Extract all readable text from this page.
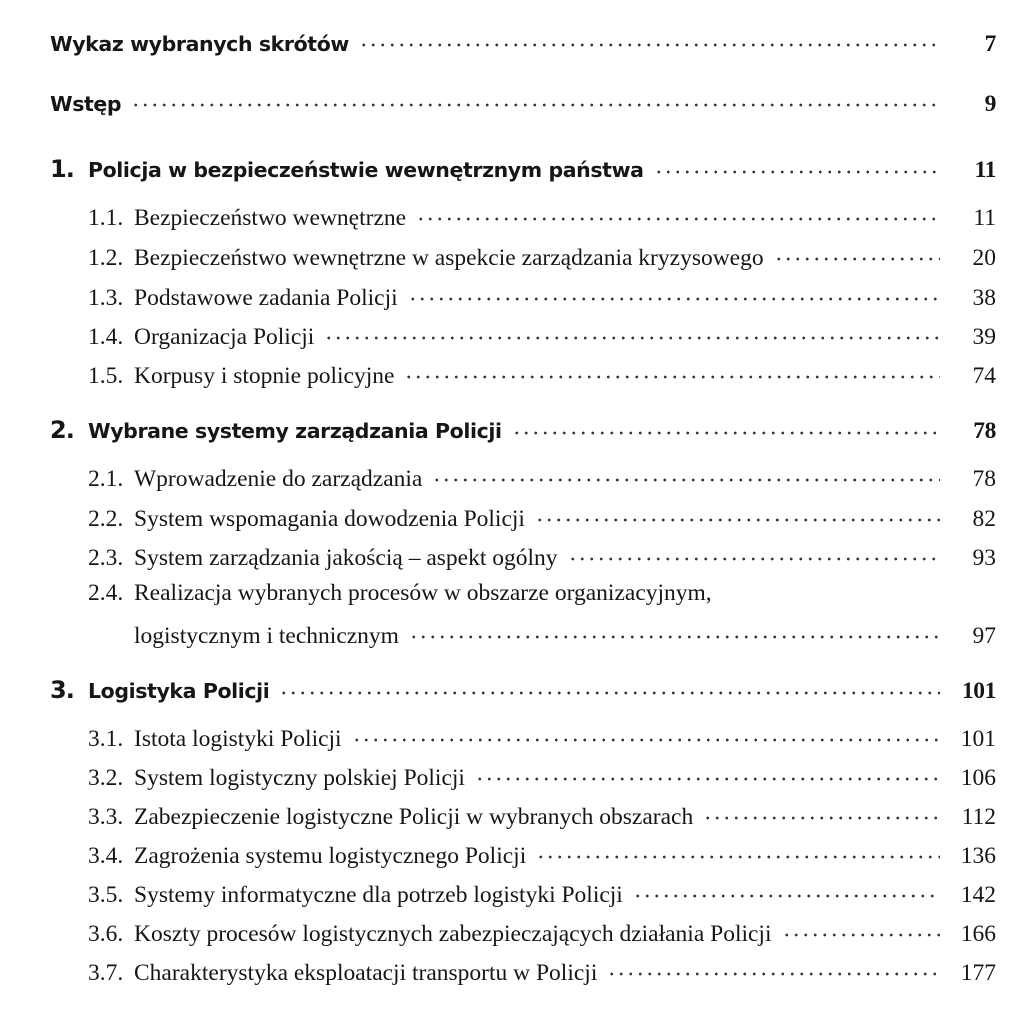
Wykaz wybranych skrótów	7
Wstęp	9
1. Policja w bezpieczeństwie wewnętrznym państwa	11
1.1. Bezpieczeństwo wewnętrzne	11
1.2. Bezpieczeństwo wewnętrzne w aspekcie zarządzania kryzysowego	20
1.3. Podstawowe zadania Policji	38
1.4. Organizacja Policji	39
1.5. Korpusy i stopnie policyjne	74
2. Wybrane systemy zarządzania Policji	78
2.1. Wprowadzenie do zarządzania	78
2.2. System wspomagania dowodzenia Policji	82
2.3. System zarządzania jakością – aspekt ogólny	93
2.4. Realizacja wybranych procesów w obszarze organizacyjnym,
logistycznym i technicznym	97
3. Logistyka Policji	101
3.1. Istota logistyki Policji	101
3.2. System logistyczny polskiej Policji	106
3.3. Zabezpieczenie logistyczne Policji w wybranych obszarach	112
3.4. Zagrożenia systemu logistycznego Policji	136
3.5. Systemy informatyczne dla potrzeb logistyki Policji	142
3.6. Koszty procesów logistycznych zabezpieczających działania Policji	166
3.7. Charakterystyka eksploatacji transportu w Policji	177
